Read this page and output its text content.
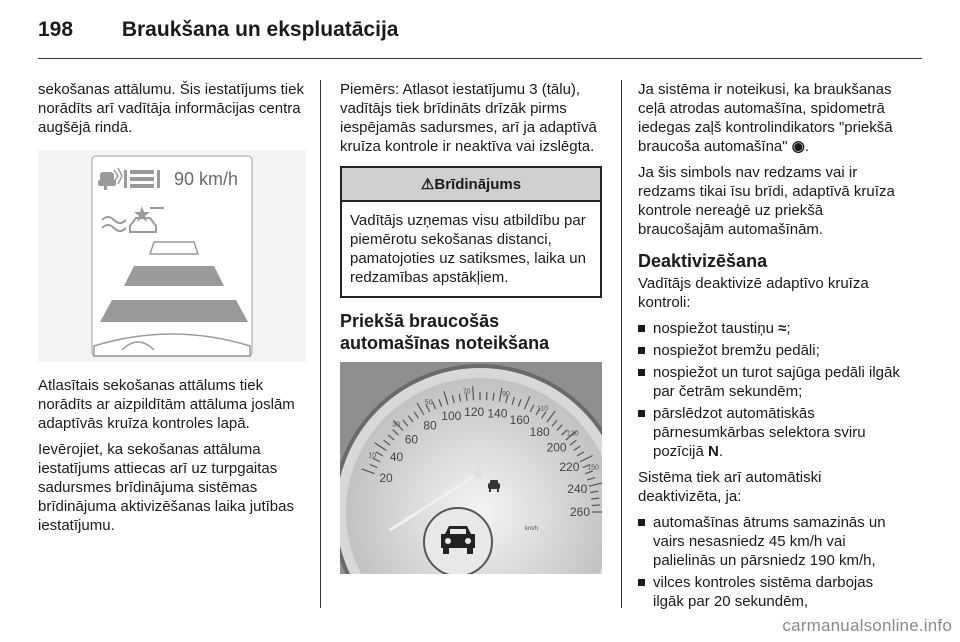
198 Braukšana un ekspluatācija

sekošanas attālumu. Šis iestatījums tiek norādīts arī vadītāja informācijas centra augšējā rindā.

90 km/h

Atlasītais sekošanas attālums tiek norādīts ar aizpildītām attāluma joslām adaptīvās kruīza kontroles lapā.

Ievērojiet, ka sekošanas attāluma iestatījums attiecas arī uz turpgaitas sadursmes brīdinājuma sistēmas brīdinājuma aktivizēšanas laika jutības iestatījumu.

Piemērs: Atlasot iestatījumu 3 (tālu), vadītājs tiek brīdināts drīzāk pirms iespējamās sadursmes, arī ja adaptīvā kruīza kontrole ir neaktīva vai izslēgta.

⚠Brīdinājums
Vadītājs uzņemas visu atbildību par piemērotu sekošanas distanci, pamatojoties uz satiksmes, laika un redzamības apstākļiem.
Priekšā braucošās automašīnas noteikšana
20
40
60
80
100 120 140 160
180
200
220
240
260
10
30
50
70	90
110
130
150
km/h

Ja sistēma ir noteikusi, ka braukšanas ceļā atrodas automašīna, spidometrā iedegas zaļš kontrolindikators "priekšā braucoša automašīna" ◉.

Ja šis simbols nav redzams vai ir redzams tikai īsu brīdi, adaptīvā kruīza kontrole nereaģē uz priekšā braucošajām automašīnām.

Deaktivizēšana

Vadītājs deaktivizē adaptīvo kruīza kontroli:

nospiežot taustiņu ≈;
nospiežot bremžu pedāli;
nospiežot un turot sajūga pedāli ilgāk par četrām sekundēm;
pārslēdzot automātiskās pārnesumkārbas selektora sviru pozīcijā N.

Sistēma tiek arī automātiski deaktivizēta, ja:

automašīnas ātrums samazinās un vairs nesasniedz 45 km/h vai palielinās un pārsniedz 190 km/h,
vilces kontroles sistēma darbojas ilgāk par 20 sekundēm,
carmanualsonline.info
